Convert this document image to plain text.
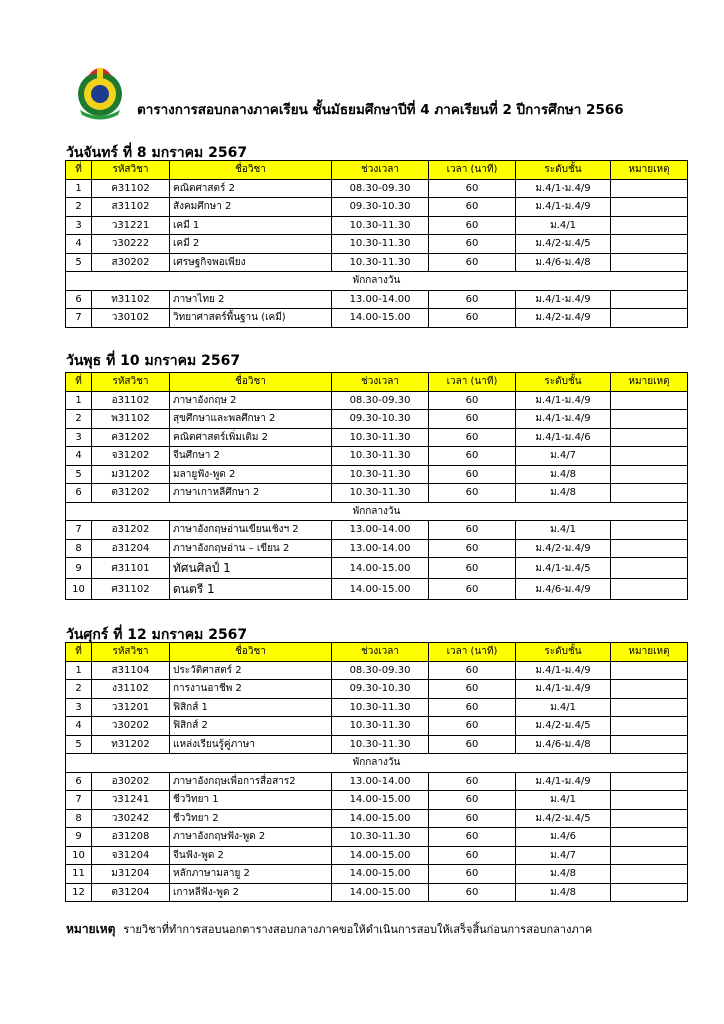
ตารางการสอบกลางภาคเรียน ชั้นมัธยมศึกษาปีที่ 4 ภาคเรียนที่ 2 ปีการศึกษา 2566
วันจันทร์ ที่ 8 มกราคม 2567
ที่	รหัสวิชา	ชื่อวิชา	ช่วงเวลา	เวลา (นาที)	ระดับชั้น	หมายเหตุ
1	ค31102	คณิตศาสตร์ 2	08.30-09.30	60	ม.4/1-ม.4/9	
2	ส31102	สังคมศึกษา 2	09.30-10.30	60	ม.4/1-ม.4/9	
3	ว31221	เคมี 1	10.30-11.30	60	ม.4/1	
4	ว30222	เคมี 2	10.30-11.30	60	ม.4/2-ม.4/5	
5	ส30202	เศรษฐกิจพอเพียง	10.30-11.30	60	ม.4/6-ม.4/8	
พักกลางวัน						
6	ท31102	ภาษาไทย 2	13.00-14.00	60	ม.4/1-ม.4/9	
7	ว30102	วิทยาศาสตร์พื้นฐาน (เคมี)	14.00-15.00	60	ม.4/2-ม.4/9	
วันพุธ ที่ 10 มกราคม 2567
ที่	รหัสวิชา	ชื่อวิชา	ช่วงเวลา	เวลา (นาที)	ระดับชั้น	หมายเหตุ
1	อ31102	ภาษาอังกฤษ 2	08.30-09.30	60	ม.4/1-ม.4/9	
2	พ31102	สุขศึกษาและพลศึกษา 2	09.30-10.30	60	ม.4/1-ม.4/9	
3	ค31202	คณิตศาสตร์เพิ่มเติม 2	10.30-11.30	60	ม.4/1-ม.4/6	
4	จ31202	จีนศึกษา 2	10.30-11.30	60	ม.4/7	
5	ม31202	มลายูฟัง-พูด 2	10.30-11.30	60	ม.4/8	
6	ต31202	ภาษาเกาหลีศึกษา 2	10.30-11.30	60	ม.4/8	
พักกลางวัน						
7	อ31202	ภาษาอังกฤษอ่านเขียนเชิงฯ 2	13.00-14.00	60	ม.4/1	
8	อ31204	ภาษาอังกฤษอ่าน – เขียน 2	13.00-14.00	60	ม.4/2-ม.4/9	
9	ศ31101	ทัศนศิลป์ 1	14.00-15.00	60	ม.4/1-ม.4/5	
10	ศ31102	ดนตรี 1	14.00-15.00	60	ม.4/6-ม.4/9	
วันศุกร์ ที่ 12 มกราคม 2567
ที่	รหัสวิชา	ชื่อวิชา	ช่วงเวลา	เวลา (นาที)	ระดับชั้น	หมายเหตุ
1	ส31104	ประวัติศาสตร์ 2	08.30-09.30	60	ม.4/1-ม.4/9	
2	ง31102	การงานอาชีพ 2	09.30-10.30	60	ม.4/1-ม.4/9	
3	ว31201	ฟิสิกส์ 1	10.30-11.30	60	ม.4/1	
4	ว30202	ฟิสิกส์ 2	10.30-11.30	60	ม.4/2-ม.4/5	
5	ท31202	แหล่งเรียนรู้คู่ภาษา	10.30-11.30	60	ม.4/6-ม.4/8	
พักกลางวัน						
6	อ30202	ภาษาอังกฤษเพื่อการสื่อสาร2	13.00-14.00	60	ม.4/1-ม.4/9	
7	ว31241	ชีววิทยา 1	14.00-15.00	60	ม.4/1	
8	ว30242	ชีววิทยา 2	14.00-15.00	60	ม.4/2-ม.4/5	
9	อ31208	ภาษาอังกฤษฟัง-พูด 2	10.30-11.30	60	ม.4/6	
10	จ31204	จีนฟัง-พูด 2	14.00-15.00	60	ม.4/7	
11	ม31204	หลักภาษามลายู 2	14.00-15.00	60	ม.4/8	
12	ต31204	เกาหลีฟัง-พูด 2	14.00-15.00	60	ม.4/8	
หมายเหตุ รายวิชาที่ทำการสอบนอกตารางสอบกลางภาคขอให้ดำเนินการสอบให้เสร็จสิ้นก่อนการสอบกลางภาค
